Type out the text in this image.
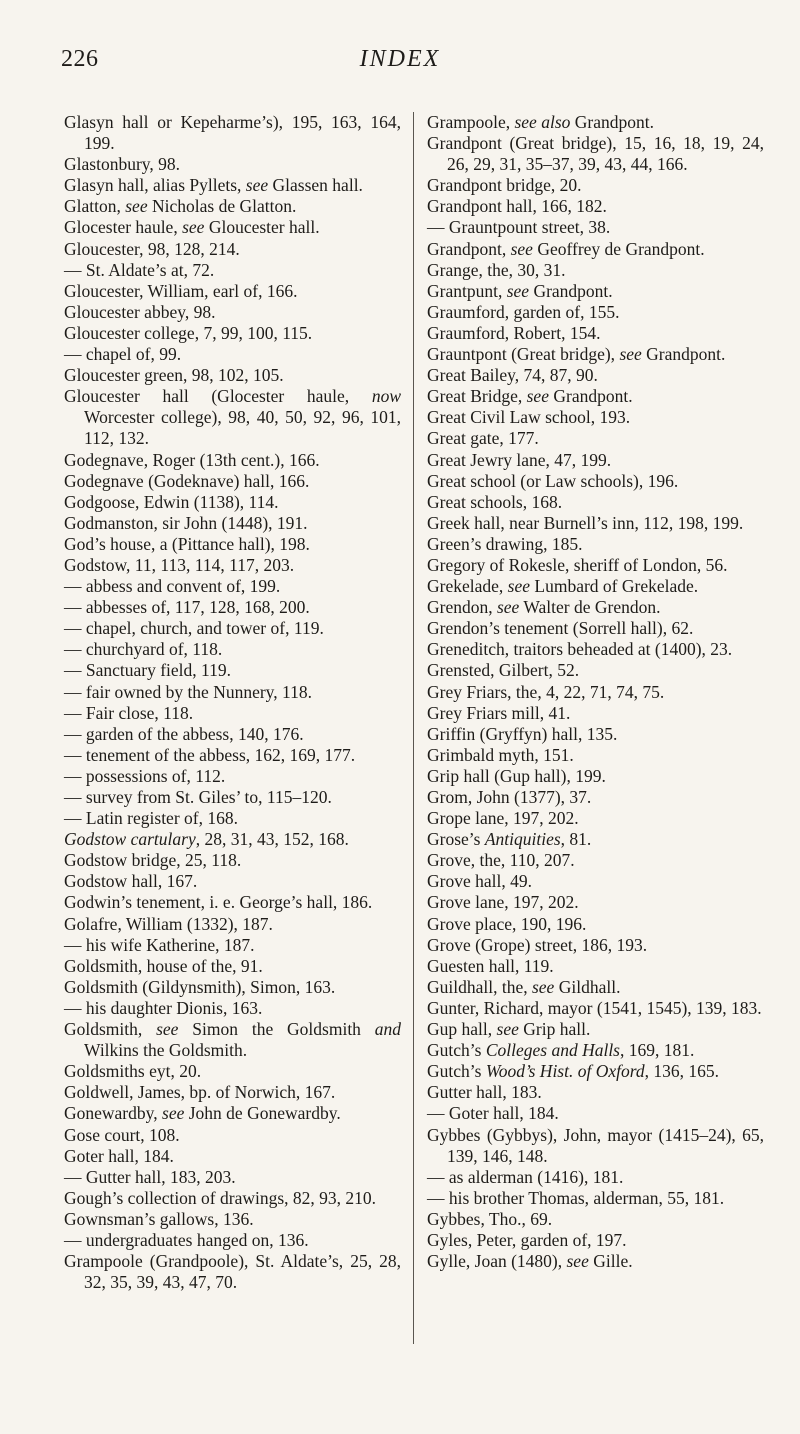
226	INDEX
Glasyn hall or Kepeharme’s), 195, 163, 164, 199.
Glastonbury, 98.
Glasyn hall, alias Pyllets, see Glassen hall.
Glatton, see Nicholas de Glatton.
Glocester haule, see Gloucester hall.
Gloucester, 98, 128, 214.
— St. Aldate’s at, 72.
Gloucester, William, earl of, 166.
Gloucester abbey, 98.
Gloucester college, 7, 99, 100, 115.
— chapel of, 99.
Gloucester green, 98, 102, 105.
Gloucester hall (Glocester haule, now Worcester college), 98, 40, 50, 92, 96, 101, 112, 132.
Godegnave, Roger (13th cent.), 166.
Godegnave (Godeknave) hall, 166.
Godgoose, Edwin (1138), 114.
Godmanston, sir John (1448), 191.
God’s house, a (Pittance hall), 198.
Godstow, 11, 113, 114, 117, 203.
— abbess and convent of, 199.
— abbesses of, 117, 128, 168, 200.
— chapel, church, and tower of, 119.
— churchyard of, 118.
— Sanctuary field, 119.
— fair owned by the Nunnery, 118.
— Fair close, 118.
— garden of the abbess, 140, 176.
— tenement of the abbess, 162, 169, 177.
— possessions of, 112.
— survey from St. Giles’ to, 115–120.
— Latin register of, 168.
Godstow cartulary, 28, 31, 43, 152, 168.
Godstow bridge, 25, 118.
Godstow hall, 167.
Godwin’s tenement, i. e. George’s hall, 186.
Golafre, William (1332), 187.
— his wife Katherine, 187.
Goldsmith, house of the, 91.
Goldsmith (Gildynsmith), Simon, 163.
— his daughter Dionis, 163.
Goldsmith, see Simon the Goldsmith and Wilkins the Goldsmith.
Goldsmiths eyt, 20.
Goldwell, James, bp. of Norwich, 167.
Gonewardby, see John de Gonewardby.
Gose court, 108.
Goter hall, 184.
— Gutter hall, 183, 203.
Gough’s collection of drawings, 82, 93, 210.
Gownsman’s gallows, 136.
— undergraduates hanged on, 136.
Grampoole (Grandpoole), St. Aldate’s, 25, 28, 32, 35, 39, 43, 47, 70.
Grampoole, see also Grandpont.
Grandpont (Great bridge), 15, 16, 18, 19, 24, 26, 29, 31, 35–37, 39, 43, 44, 166.
Grandpont bridge, 20.
Grandpont hall, 166, 182.
— Grauntpount street, 38.
Grandpont, see Geoffrey de Grandpont.
Grange, the, 30, 31.
Grantpunt, see Grandpont.
Graumford, garden of, 155.
Graumford, Robert, 154.
Grauntpont (Great bridge), see Grandpont.
Great Bailey, 74, 87, 90.
Great Bridge, see Grandpont.
Great Civil Law school, 193.
Great gate, 177.
Great Jewry lane, 47, 199.
Great school (or Law schools), 196.
Great schools, 168.
Greek hall, near Burnell’s inn, 112, 198, 199.
Green’s drawing, 185.
Gregory of Rokesle, sheriff of London, 56.
Grekelade, see Lumbard of Grekelade.
Grendon, see Walter de Grendon.
Grendon’s tenement (Sorrell hall), 62.
Greneditch, traitors beheaded at (1400), 23.
Grensted, Gilbert, 52.
Grey Friars, the, 4, 22, 71, 74, 75.
Grey Friars mill, 41.
Griffin (Gryffyn) hall, 135.
Grimbald myth, 151.
Grip hall (Gup hall), 199.
Grom, John (1377), 37.
Grope lane, 197, 202.
Grose’s Antiquities, 81.
Grove, the, 110, 207.
Grove hall, 49.
Grove lane, 197, 202.
Grove place, 190, 196.
Grove (Grope) street, 186, 193.
Guesten hall, 119.
Guildhall, the, see Gildhall.
Gunter, Richard, mayor (1541, 1545), 139, 183.
Gup hall, see Grip hall.
Gutch’s Colleges and Halls, 169, 181.
Gutch’s Wood’s Hist. of Oxford, 136, 165.
Gutter hall, 183.
— Goter hall, 184.
Gybbes (Gybbys), John, mayor (1415–24), 65, 139, 146, 148.
— as alderman (1416), 181.
— his brother Thomas, alderman, 55, 181.
Gybbes, Tho., 69.
Gyles, Peter, garden of, 197.
Gylle, Joan (1480), see Gille.
